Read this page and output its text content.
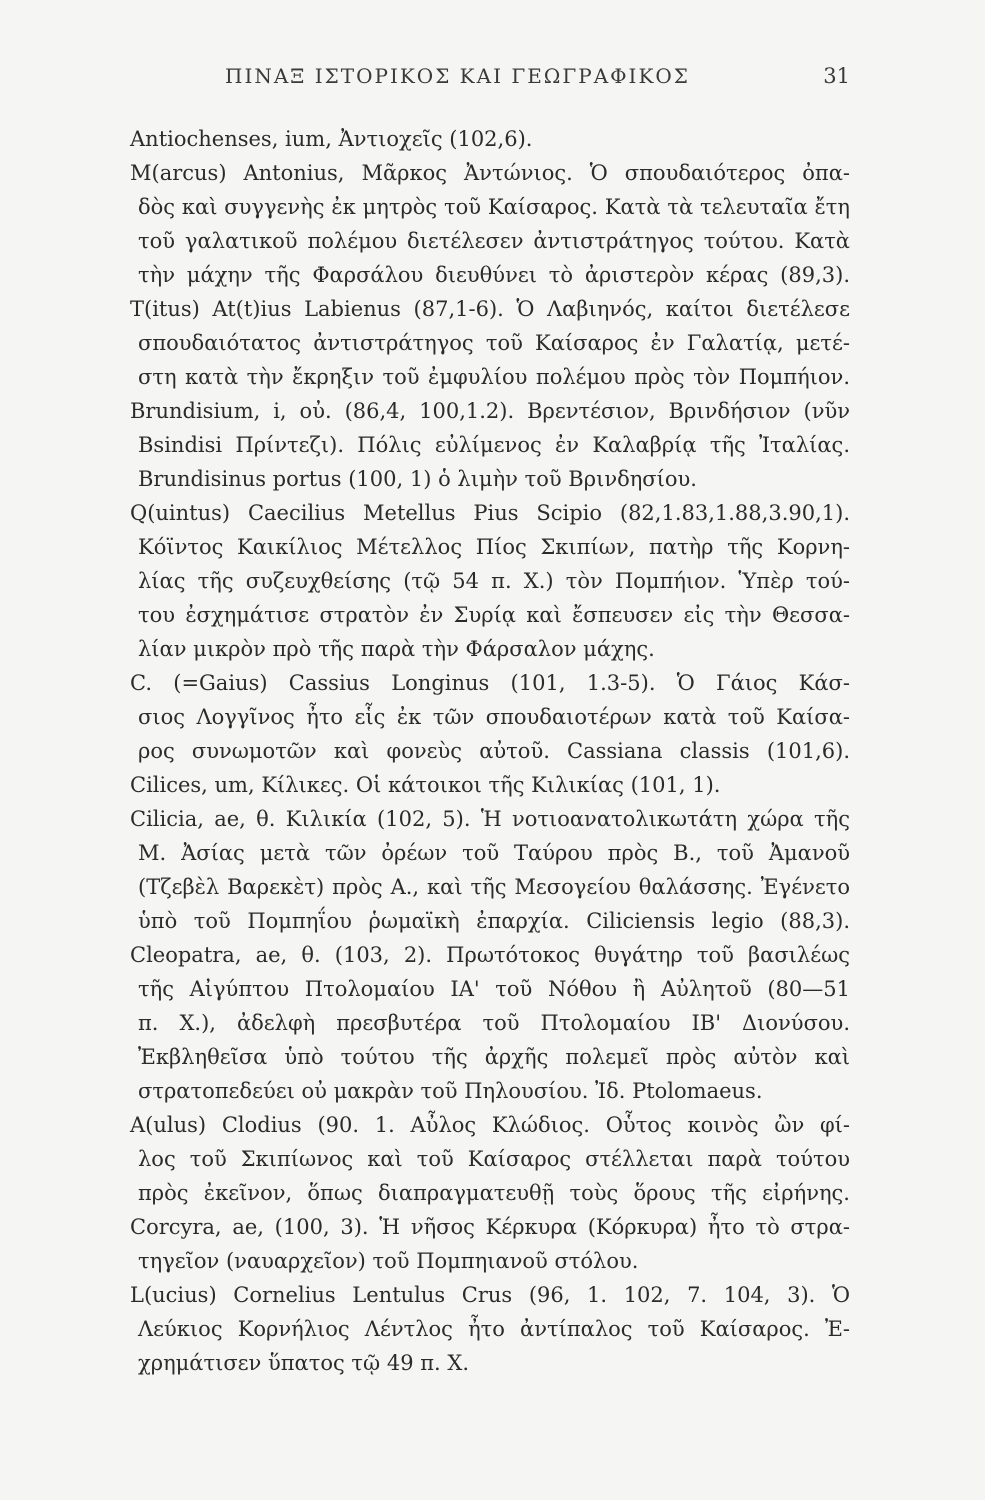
ΠΙΝΑΞ ΙΣΤΟΡΙΚΟΣ ΚΑΙ ΓΕΩΓΡΑΦΙΚΟΣ	31
Antiochenses, ium, Ἀντιοχεῖς (102,6).
M(arcus) Antonius, Μᾶρκος Ἀντώνιος. Ὁ σπουδαιότερος ὀπα-
δὸς καὶ συγγενὴς ἐκ μητρὸς τοῦ Καίσαρος. Κατὰ τὰ τελευταῖα ἔτη
τοῦ γαλατικοῦ πολέμου διετέλεσεν ἀντιστράτηγος τούτου. Κατὰ
τὴν μάχην τῆς Φαρσάλου διευθύνει τὸ ἀριστερὸν κέρας (89,3).
T(itus) At(t)ius Labienus (87,1-6). Ὁ Λαβιηνός, καίτοι διετέλεσε
σπουδαιότατος ἀντιστράτηγος τοῦ Καίσαρος ἐν Γαλατίᾳ, μετέ-
στη κατὰ τὴν ἔκρηξιν τοῦ ἐμφυλίου πολέμου πρὸς τὸν Πομπήιον.
Brundisium, i, οὐ. (86,4, 100,1.2). Βρεντέσιον, Βρινδήσιον (νῦν
Bsindisi Πρίντεζι). Πόλις εὐλίμενος ἐν Καλαβρίᾳ τῆς Ἰταλίας.
Brundisinus portus (100, 1) ὁ λιμὴν τοῦ Βρινδησίου.
Q(uintus) Caecilius Metellus Pius Scipio (82,1.83,1.88,3.90,1).
Κόϊντος Καικίλιος Μέτελλος Πίος Σκιπίων, πατὴρ τῆς Κορνη-
λίας τῆς συζευχθείσης (τῷ 54 π. Χ.) τὸν Πομπήιον. Ὑπὲρ τού-
του ἐσχημάτισε στρατὸν ἐν Συρίᾳ καὶ ἔσπευσεν εἰς τὴν Θεσσα-
λίαν μικρὸν πρὸ τῆς παρὰ τὴν Φάρσαλον μάχης.
C. (=Gaius) Cassius Longinus (101, 1.3-5). Ὁ Γάιος Κάσ-
σιος Λογγῖνος ἦτο εἷς ἐκ τῶν σπουδαιοτέρων κατὰ τοῦ Καίσα-
ρος συνωμοτῶν καὶ φονεὺς αὐτοῦ. Cassiana classis (101,6).
Cilices, um, Κίλικες. Οἱ κάτοικοι τῆς Κιλικίας (101, 1).
Cilicia, ae, θ. Κιλικία (102, 5). Ἡ νοτιοανατολικωτάτη χώρα τῆς
Μ. Ἀσίας μετὰ τῶν ὀρέων τοῦ Ταύρου πρὸς Β., τοῦ Ἀμανοῦ
(Τζεβὲλ Βαρεκὲτ) πρὸς Α., καὶ τῆς Μεσογείου θαλάσσης. Ἐγένετο
ὑπὸ τοῦ Πομπηΐου ῥωμαϊκὴ ἐπαρχία. Ciliciensis legio (88,3).
Cleopatra, ae, θ. (103, 2). Πρωτότοκος θυγάτηρ τοῦ βασιλέως
τῆς Αἰγύπτου Πτολομαίου ΙΑ' τοῦ Νόθου ἢ Αὐλητοῦ (80—51
π. Χ.), ἀδελφὴ πρεσβυτέρα τοῦ Πτολομαίου ΙΒ' Διονύσου.
Ἐκβληθεῖσα ὑπὸ τούτου τῆς ἀρχῆς πολεμεῖ πρὸς αὐτὸν καὶ
στρατοπεδεύει οὐ μακρὰν τοῦ Πηλουσίου. Ἰδ. Ptolomaeus.
A(ulus) Clodius (90. 1. Αὖλος Κλώδιος. Οὗτος κοινὸς ὢν φί-
λος τοῦ Σκιπίωνος καὶ τοῦ Καίσαρος στέλλεται παρὰ τούτου
πρὸς ἐκεῖνον, ὅπως διαπραγματευθῇ τοὺς ὅρους τῆς εἰρήνης.
Corcyra, ae, (100, 3). Ἡ νῆσος Κέρκυρα (Κόρκυρα) ἦτο τὸ στρα-
τηγεῖον (ναυαρχεῖον) τοῦ Πομπηιανοῦ στόλου.
L(ucius) Cornelius Lentulus Crus (96, 1. 102, 7. 104, 3). Ὁ
Λεύκιος Κορνήλιος Λέντλος ἦτο ἀντίπαλος τοῦ Καίσαρος. Ἐ-
χρημάτισεν ὕπατος τῷ 49 π. Χ.
